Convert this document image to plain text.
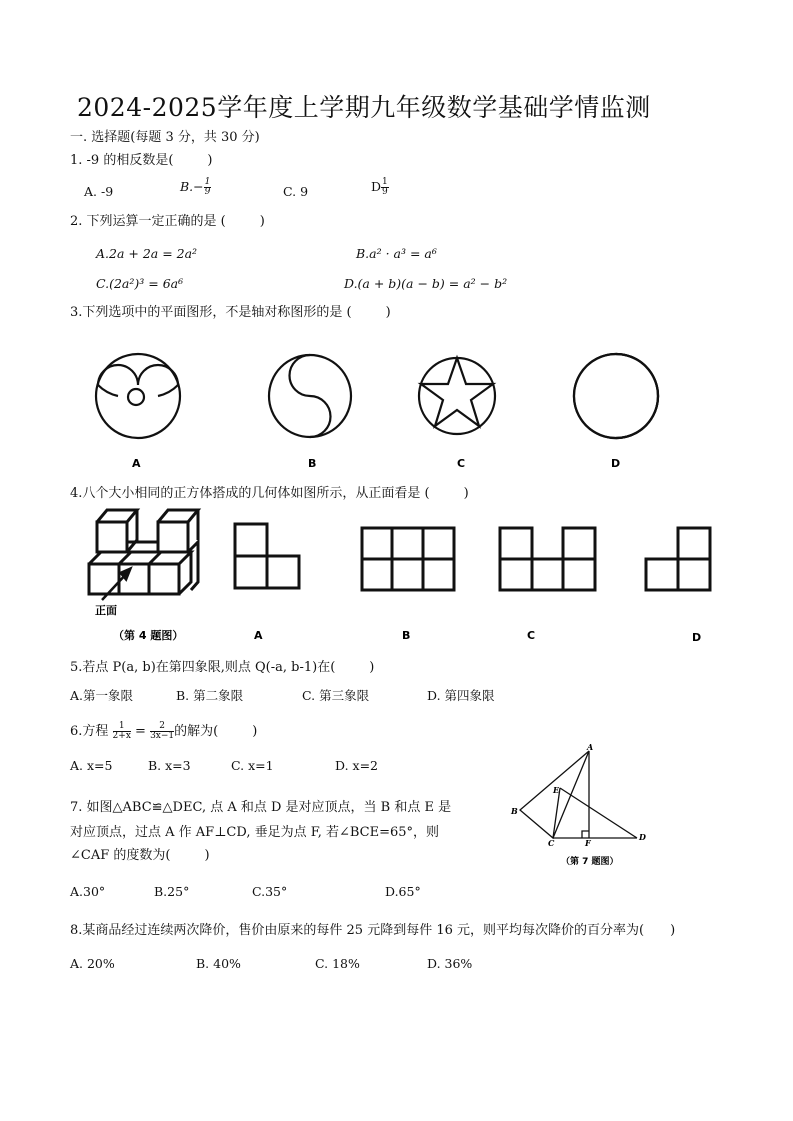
2024-2025学年度上学期九年级数学基础学情监测
一. 选择题(每题 3 分，共 30 分)
1. -9 的相反数是(	)
A. -9	$B.- \frac{1}{9}$	C. 9	D $\frac{1}{9}$
2. 下列运算一定正确的是 (	)
A.2a + 2a = 2a²	B.a² · a³ = a⁶
C.(2a²)³ = 6a⁶	D.(a + b)(a − b) = a² − b²
3.下列选项中的平面图形，不是轴对称图形的是 (	)
A	B	C	D
4.八个大小相同的正方体搭成的几何体如图所示，从正面看是 (	)
正面
（第 4 题图）	A	B	C	D
5.若点 P(a, b)在第四象限,则点 Q(-a, b-1)在(	)
A.第一象限	B. 第二象限	C. 第三象限	D. 第四象限
6.方程 $\frac{1}{2+x} = \frac{2}{3x-1}$ 的解为(	)
A. x=5	B. x=3	C. x=1	D. x=2
7. 如图△ABC≌△DEC, 点 A 和点 D 是对应顶点，当 B 和点 E 是
对应顶点，过点 A 作 AF⊥CD, 垂足为点 F, 若∠BCE=65°，则
∠CAF 的度数为(	)
A.30°	B.25°	C.35°	D.65°
A
B
C
D
E
F
（第 7 题图）
8.某商品经过连续两次降价，售价由原来的每件 25 元降到每件 16 元，则平均每次降价的百分率为( )
A. 20%	B. 40%	C. 18%	D. 36%
